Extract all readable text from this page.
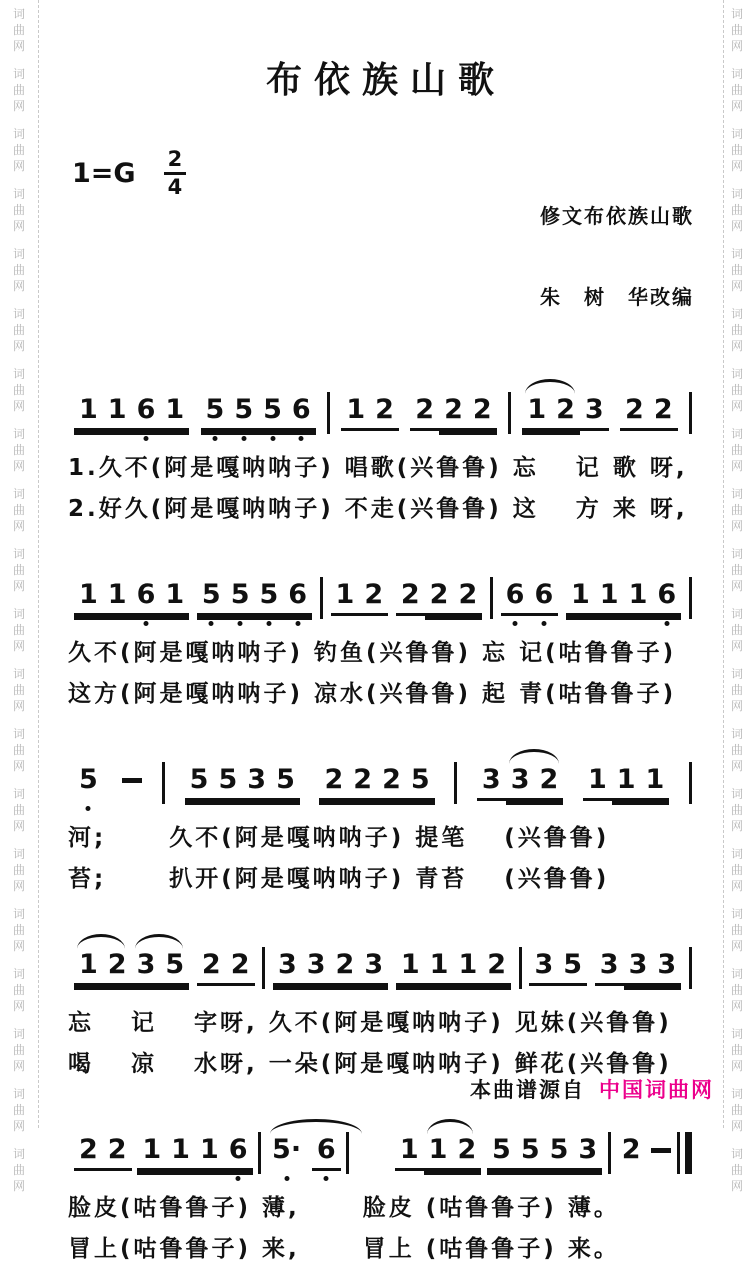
词
曲
网
词
曲
网
词
曲
网
词
曲
网
词
曲
网
词
曲
网
词
曲
网
词
曲
网
词
曲
网
词
曲
网
词
曲
网
词
曲
网
词
曲
网
词
曲
网
词
曲
网
词
曲
网
词
曲
网
词
曲
网
词
曲
网
词
曲
网
词
曲
网
词
曲
网
词
曲
网
词
曲
网
词
曲
网
词
曲
网
词
曲
网
词
曲
网
词
曲
网
词
曲
网
词
曲
网
词
曲
网
词
曲
网
词
曲
网
词
曲
网
词
曲
网
词
曲
网
词
曲
网
词
曲
网
词
曲
网
布依族山歌
$1=G \frac{2}{4}$

修文布依族山歌

朱　树　华改编

1 1 6 1 5 5 5 6 1 2 2 2 2 1 2 3 2 2
1.久不(阿是嘎呐呐子) 唱歌(兴鲁鲁) 忘　 记 歌 呀,
2.好久(阿是嘎呐呐子) 不走(兴鲁鲁) 这　 方 来 呀,
1 1 6 1 5 5 5 6 1 2 2 2 2 6 6 1 1 1 6
久不(阿是嘎呐呐子) 钓鱼(兴鲁鲁) 忘 记(咕鲁鲁子)
这方(阿是嘎呐呐子) 凉水(兴鲁鲁) 起 青(咕鲁鲁子)
5	5 5 3 5 2 2 2 5 3 3 2 1 1 1
河;　　 久不(阿是嘎呐呐子) 提笔　 (兴鲁鲁)
苔;　　 扒开(阿是嘎呐呐子) 青苔　 (兴鲁鲁)
1 2 3 5 2 2 3 3 2 3 1 1 1 2 3 5 3 3 3
忘　 记　 字呀, 久不(阿是嘎呐呐子) 见妹(兴鲁鲁)
喝　 凉　 水呀, 一朵(阿是嘎呐呐子) 鲜花(兴鲁鲁)
2 2 1 1 1 6 5· 6 1 1 2 5 5 5 3 2
脸皮(咕鲁鲁子) 薄,　　 脸皮 (咕鲁鲁子) 薄。
冒上(咕鲁鲁子) 来,　　 冒上 (咕鲁鲁子) 来。
本曲谱源自 中国词曲网
